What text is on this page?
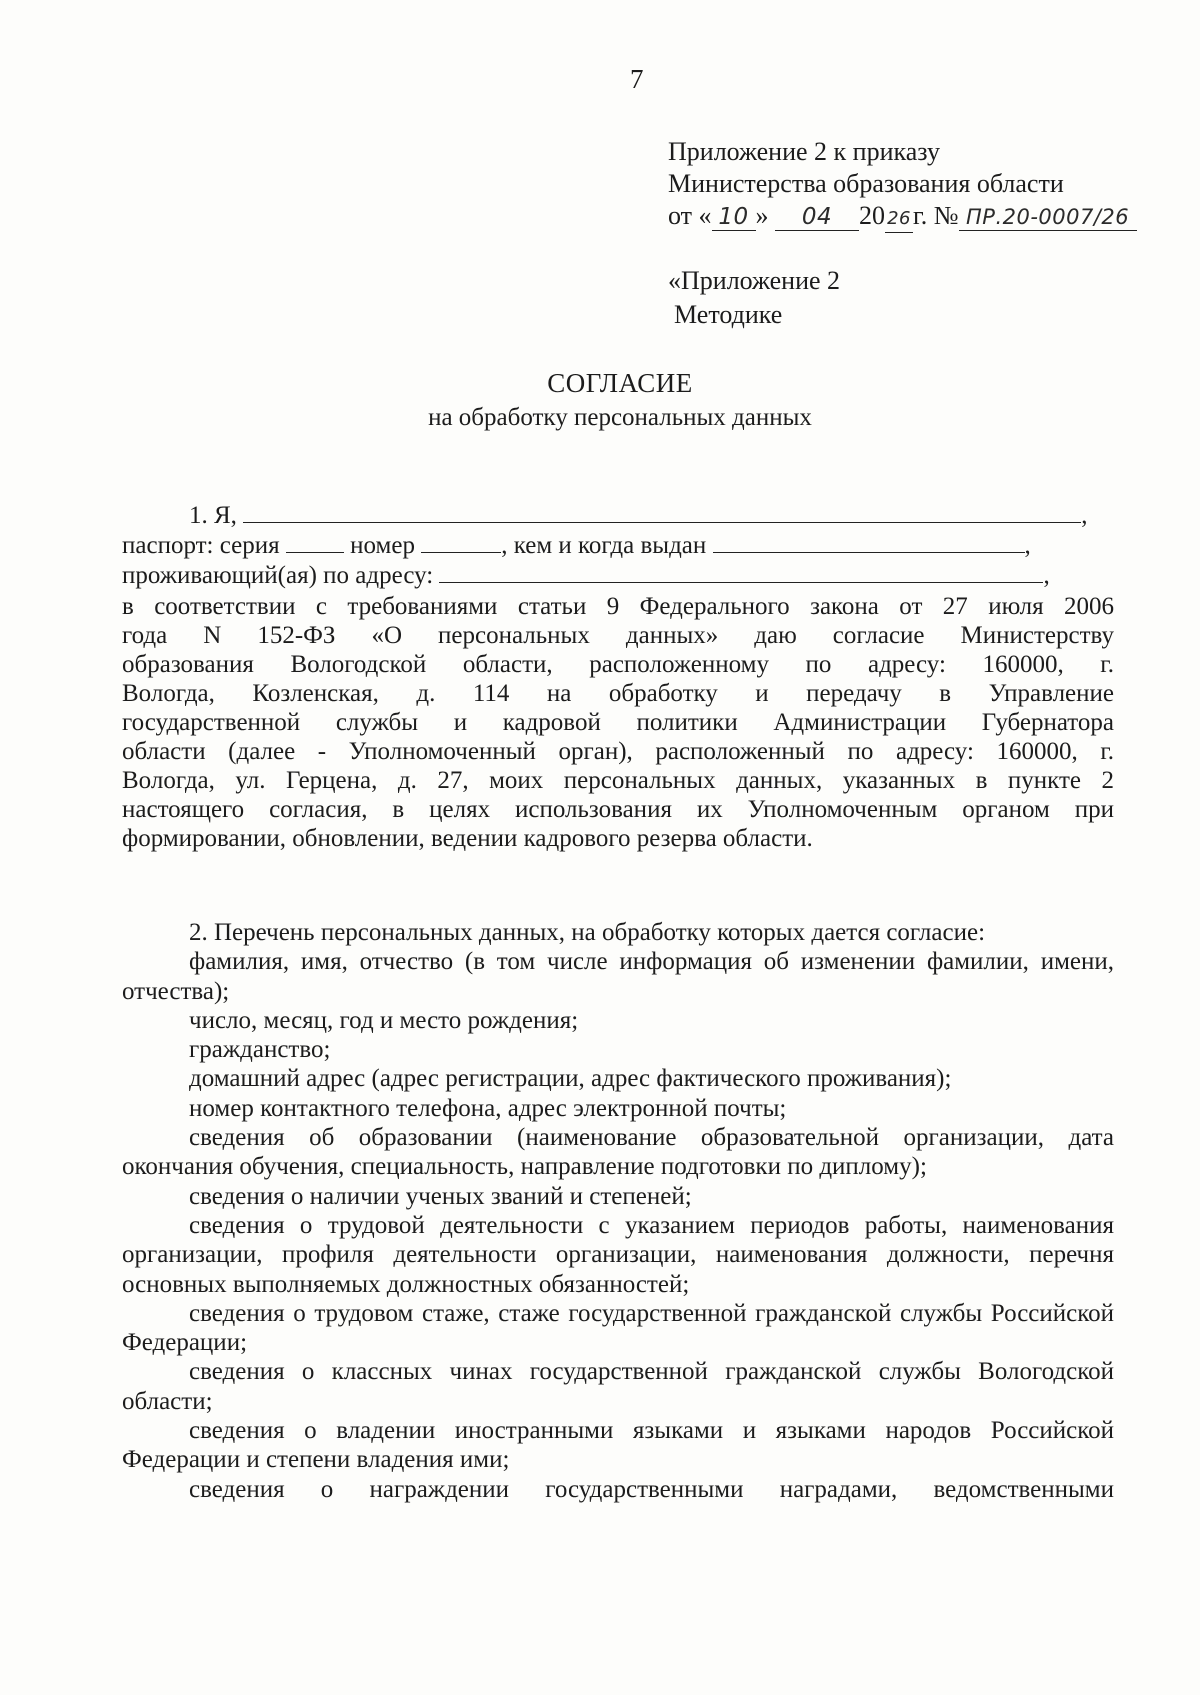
7
Приложение 2 к приказу
Министерства образования области
от « 10 » 04 20 26г. № ПР.20-0007/26
«Приложение 2
Методике
СОГЛАСИЕ
на обработку персональных данных
1. Я,	,
паспорт: серия	номер	, кем и когда выдан	,
проживающий(ая) по адресу:	,
в соответствии с требованиями статьи 9 Федерального закона от 27 июля 2006
года N 152-ФЗ «О персональных данных» даю согласие Министерству
образования Вологодской области, расположенному по адресу: 160000, г.
Вологда, Козленская, д. 114 на обработку и передачу в Управление
государственной службы и кадровой политики Администрации Губернатора
области (далее - Уполномоченный орган), расположенный по адресу: 160000, г.
Вологда, ул. Герцена, д. 27, моих персональных данных, указанных в пункте 2
настоящего согласия, в целях использования их Уполномоченным органом при
формировании, обновлении, ведении кадрового резерва области.

2. Перечень персональных данных, на обработку которых дается согласие:

фамилия, имя, отчество (в том числе информация об изменении фамилии, имени, отчества);

число, месяц, год и место рождения;

гражданство;

домашний адрес (адрес регистрации, адрес фактического проживания);

номер контактного телефона, адрес электронной почты;

сведения об образовании (наименование образовательной организации, дата окончания обучения, специальность, направление подготовки по диплому);

сведения о наличии ученых званий и степеней;

сведения о трудовой деятельности с указанием периодов работы, наименования организации, профиля деятельности организации, наименования должности, перечня основных выполняемых должностных обязанностей;

сведения о трудовом стаже, стаже государственной гражданской службы Российской Федерации;

сведения о классных чинах государственной гражданской службы Вологодской области;

сведения о владении иностранными языками и языками народов Российской Федерации и степени владения ими;

сведения о награждении государственными наградами, ведомственными
